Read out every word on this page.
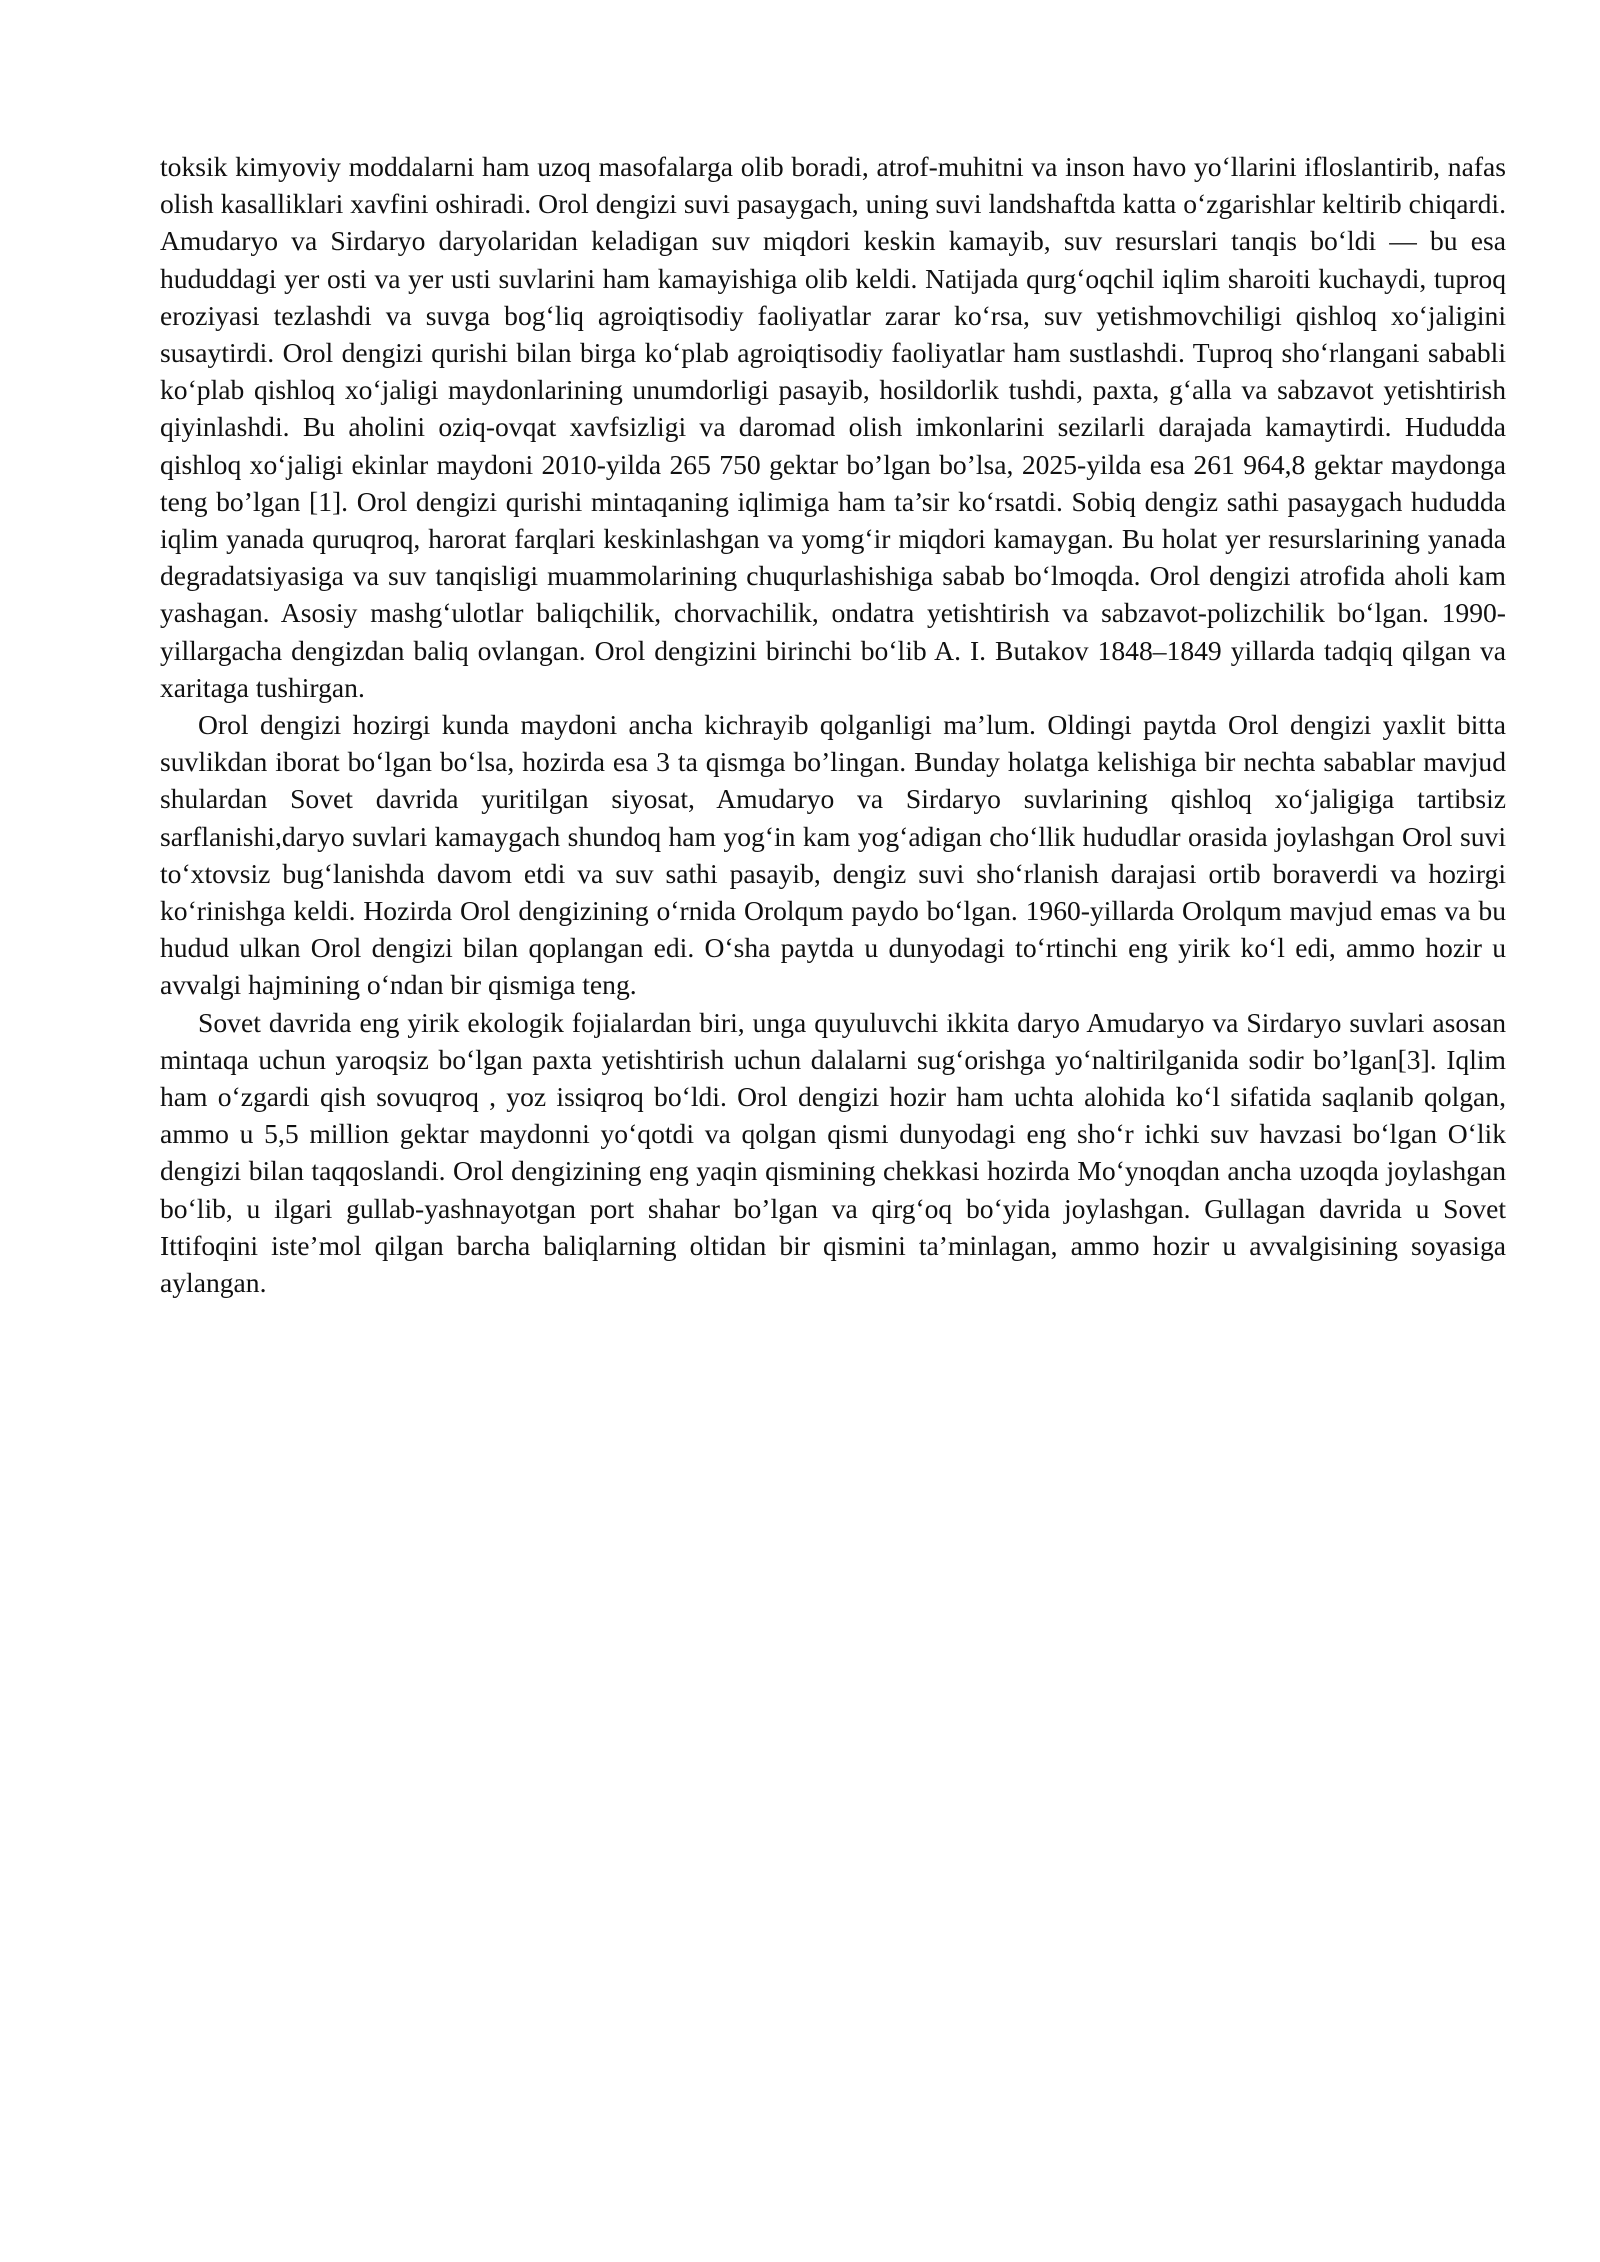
toksik kimyoviy moddalarni ham uzoq masofalarga olib boradi, atrof-muhitni va inson havo yo‘llarini ifloslantirib, nafas olish kasalliklari xavfini oshiradi. Orol dengizi suvi pasaygach, uning suvi landshaftda katta o‘zgarishlar keltirib chiqardi. Amudaryo va Sirdaryo daryolaridan keladigan suv miqdori keskin kamayib, suv resurslari tanqis bo‘ldi — bu esa hududdagi yer osti va yer usti suvlarini ham kamayishiga olib keldi. Natijada qurg‘oqchil iqlim sharoiti kuchaydi, tuproq eroziyasi tezlashdi va suvga bog‘liq agroiqtisodiy faoliyatlar zarar ko‘rsa, suv yetishmovchiligi qishloq xo‘jaligini susaytirdi. Orol dengizi qurishi bilan birga ko‘plab agroiqtisodiy faoliyatlar ham sustlashdi. Tuproq sho‘rlangani sababli ko‘plab qishloq xo‘jaligi maydonlarining unumdorligi pasayib, hosildorlik tushdi, paxta, g‘alla va sabzavot yetishtirish qiyinlashdi. Bu aholini oziq-ovqat xavfsizligi va daromad olish imkonlarini sezilarli darajada kamaytirdi. Hududda qishloq xo‘jaligi ekinlar maydoni 2010-yilda 265 750 gektar bo’lgan bo’lsa, 2025-yilda esa 261 964,8 gektar maydonga teng bo’lgan [1]. Orol dengizi qurishi mintaqaning iqlimiga ham ta’sir ko‘rsatdi. Sobiq dengiz sathi pasaygach hududda iqlim yanada quruqroq, harorat farqlari keskinlashgan va yomg‘ir miqdori kamaygan. Bu holat yer resurslarining yanada degradatsiyasiga va suv tanqisligi muammolarining chuqurlashishiga sabab bo‘lmoqda. Orol dengizi atrofida aholi kam yashagan. Asosiy mashg‘ulotlar baliqchilik, chorvachilik, ondatra yetishtirish va sabzavot-polizchilik bo‘lgan. 1990-yillargacha dengizdan baliq ovlangan. Orol dengizini birinchi bo‘lib A. I. Butakov 1848–1849 yillarda tadqiq qilgan va xaritaga tushirgan.

Orol dengizi hozirgi kunda maydoni ancha kichrayib qolganligi ma’lum. Oldingi paytda Orol dengizi yaxlit bitta suvlikdan iborat bo‘lgan bo‘lsa, hozirda esa 3 ta qismga bo’lingan. Bunday holatga kelishiga bir nechta sabablar mavjud shulardan Sovet davrida yuritilgan siyosat, Amudaryo va Sirdaryo suvlarining qishloq xo‘jaligiga tartibsiz sarflanishi,daryo suvlari kamaygach shundoq ham yog‘in kam yog‘adigan cho‘llik hududlar orasida joylashgan Orol suvi to‘xtovsiz bug‘lanishda davom etdi va suv sathi pasayib, dengiz suvi sho‘rlanish darajasi ortib boraverdi va hozirgi ko‘rinishga keldi. Hozirda Orol dengizining o‘rnida Orolqum paydo bo‘lgan. 1960-yillarda Orolqum mavjud emas va bu hudud ulkan Orol dengizi bilan qoplangan edi. O‘sha paytda u dunyodagi to‘rtinchi eng yirik ko‘l edi, ammo hozir u avvalgi hajmining o‘ndan bir qismiga teng.

Sovet davrida eng yirik ekologik fojialardan biri, unga quyuluvchi ikkita daryo Amudaryo va Sirdaryo suvlari asosan mintaqa uchun yaroqsiz bo‘lgan paxta yetishtirish uchun dalalarni sug‘orishga yo‘naltirilganida sodir bo’lgan[3]. Iqlim ham o‘zgardi qish sovuqroq , yoz issiqroq bo‘ldi. Orol dengizi hozir ham uchta alohida ko‘l sifatida saqlanib qolgan, ammo u 5,5 million gektar maydonni yo‘qotdi va qolgan qismi dunyodagi eng sho‘r ichki suv havzasi bo‘lgan O‘lik dengizi bilan taqqoslandi. Orol dengizining eng yaqin qismining chekkasi hozirda Mo‘ynoqdan ancha uzoqda joylashgan bo‘lib, u ilgari gullab-yashnayotgan port shahar bo’lgan va qirg‘oq bo‘yida joylashgan. Gullagan davrida u Sovet Ittifoqini iste’mol qilgan barcha baliqlarning oltidan bir qismini ta’minlagan, ammo hozir u avvalgisining soyasiga aylangan.
